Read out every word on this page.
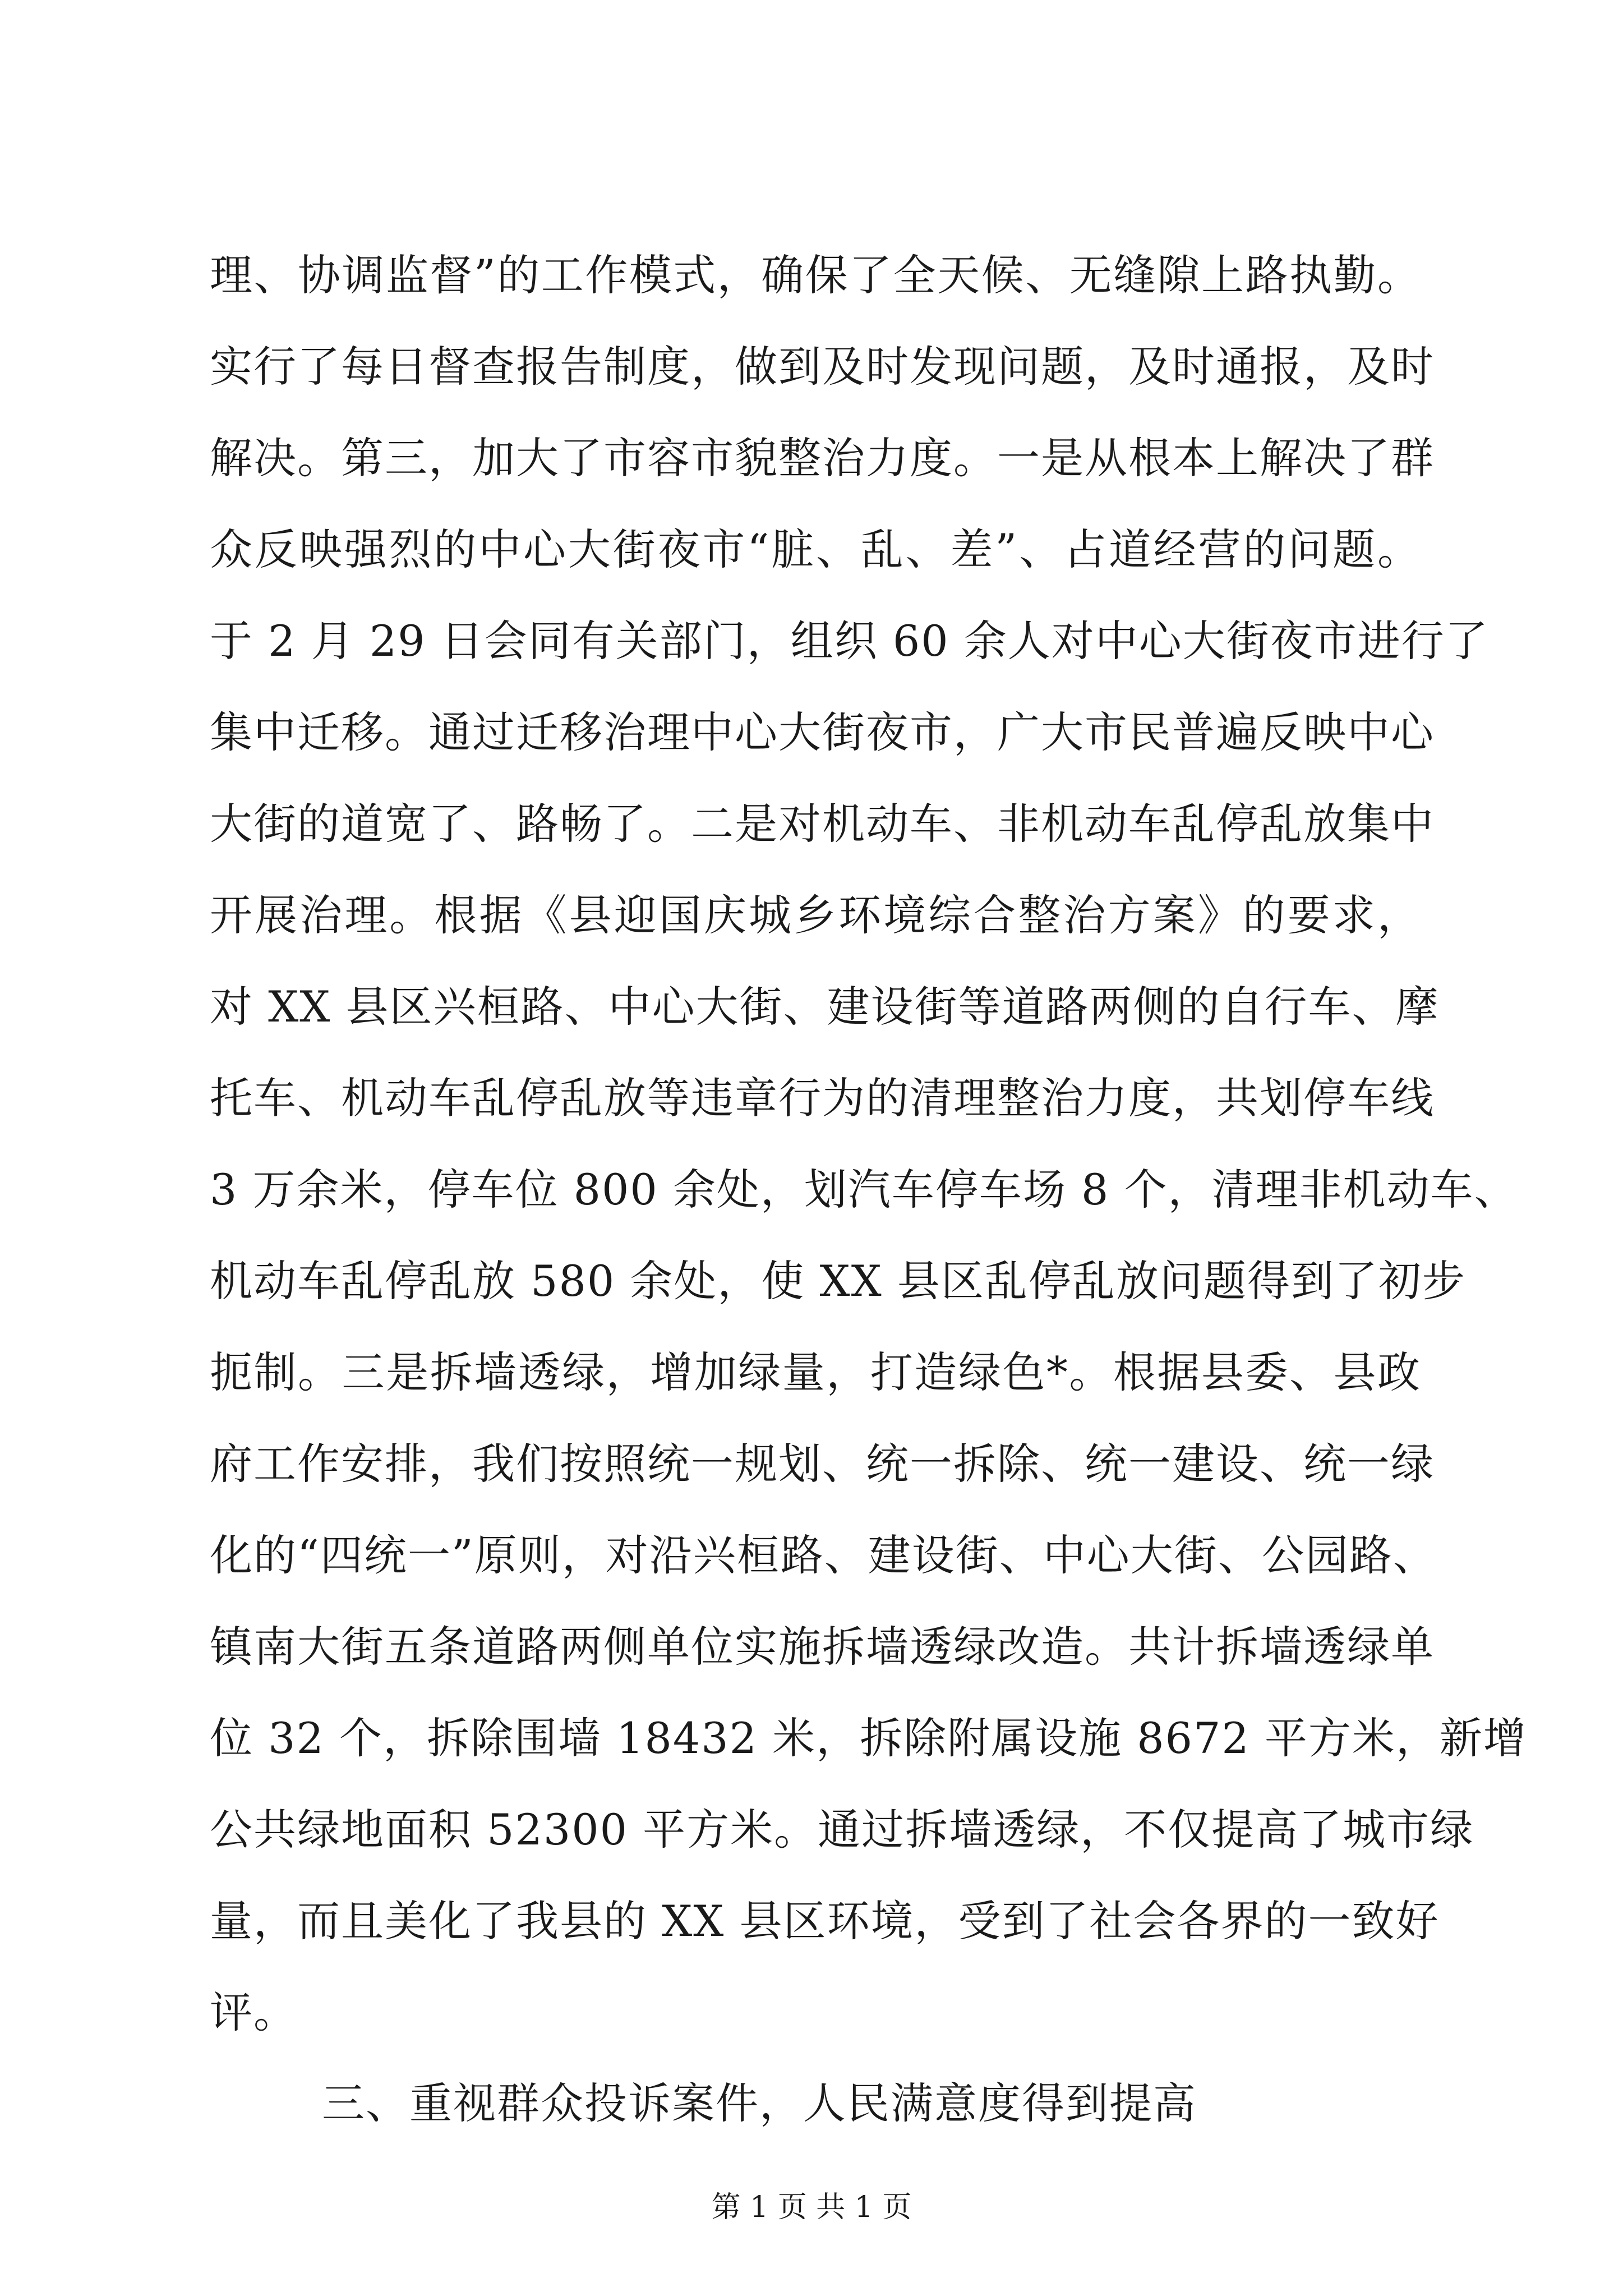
理、协调监督”的工作模式，确保了全天候、无缝隙上路执勤。
实行了每日督查报告制度，做到及时发现问题，及时通报，及时
解决。第三，加大了市容市貌整治力度。一是从根本上解决了群
众反映强烈的中心大街夜市“脏、乱、差”、占道经营的问题。
于 2 月 29 日会同有关部门，组织 60 余人对中心大街夜市进行了
集中迁移。通过迁移治理中心大街夜市，广大市民普遍反映中心
大街的道宽了、路畅了。二是对机动车、非机动车乱停乱放集中
开展治理。根据《县迎国庆城乡环境综合整治方案》的要求，
对 XX 县区兴桓路、中心大街、建设街等道路两侧的自行车、摩
托车、机动车乱停乱放等违章行为的清理整治力度，共划停车线
3 万余米，停车位 800 余处，划汽车停车场 8 个，清理非机动车、
机动车乱停乱放 580 余处，使 XX 县区乱停乱放问题得到了初步
扼制。三是拆墙透绿，增加绿量，打造绿色*。根据县委、县政
府工作安排，我们按照统一规划、统一拆除、统一建设、统一绿
化的“四统一”原则，对沿兴桓路、建设街、中心大街、公园路、
镇南大街五条道路两侧单位实施拆墙透绿改造。共计拆墙透绿单
位 32 个，拆除围墙 18432 米，拆除附属设施 8672 平方米，新增
公共绿地面积 52300 平方米。通过拆墙透绿，不仅提高了城市绿
量，而且美化了我县的 XX 县区环境，受到了社会各界的一致好
评。
三、重视群众投诉案件，人民满意度得到提高
第 1 页 共 1 页
